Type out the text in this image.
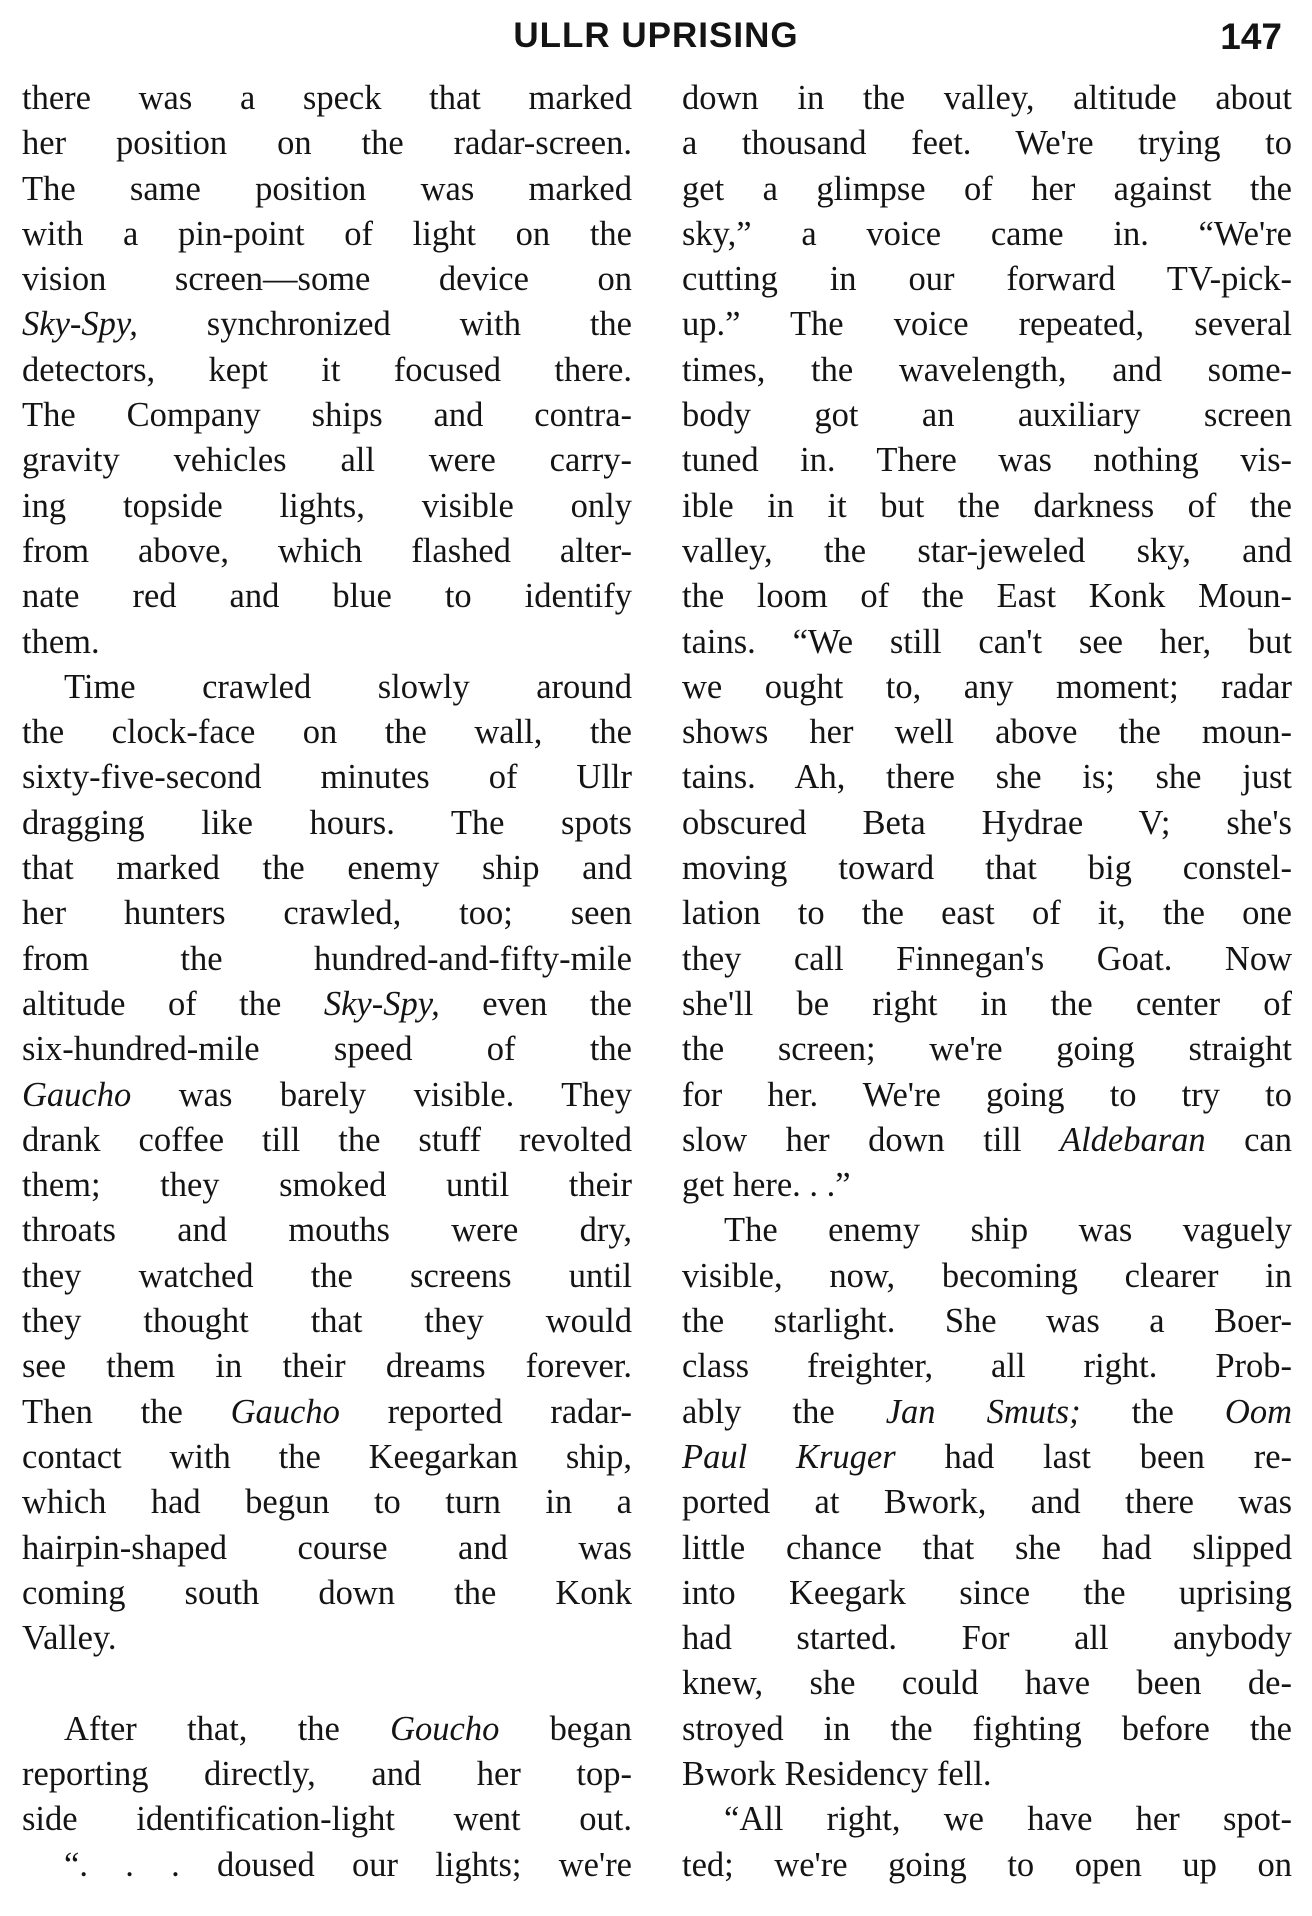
ULLR UPRISING	147
there was a speck that marked
her position on the radar-screen.
The same position was marked
with a pin-point of light on the
vision screen—some device on
Sky-Spy, synchronized with the
detectors, kept it focused there.
The Company ships and contra-
gravity vehicles all were carry-
ing topside lights, visible only
from above, which flashed alter-
nate red and blue to identify
them.
Time crawled slowly around
the clock-face on the wall, the
sixty-five-second minutes of Ullr
dragging like hours. The spots
that marked the enemy ship and
her hunters crawled, too; seen
from the hundred-and-fifty-mile
altitude of the Sky-Spy, even the
six-hundred-mile speed of the
Gaucho was barely visible. They
drank coffee till the stuff revolted
them; they smoked until their
throats and mouths were dry,
they watched the screens until
they thought that they would
see them in their dreams forever.
Then the Gaucho reported radar-
contact with the Keegarkan ship,
which had begun to turn in a
hairpin-shaped course and was
coming south down the Konk
Valley.
After that, the Goucho began
reporting directly, and her top-
side identification-light went out.
“. . . doused our lights; we're
down in the valley, altitude about
a thousand feet. We're trying to
get a glimpse of her against the
sky,” a voice came in. “We're
cutting in our forward TV-pick-
up.” The voice repeated, several
times, the wavelength, and some-
body got an auxiliary screen
tuned in. There was nothing vis-
ible in it but the darkness of the
valley, the star-jeweled sky, and
the loom of the East Konk Moun-
tains. “We still can't see her, but
we ought to, any moment; radar
shows her well above the moun-
tains. Ah, there she is; she just
obscured Beta Hydrae V; she's
moving toward that big constel-
lation to the east of it, the one
they call Finnegan's Goat. Now
she'll be right in the center of
the screen; we're going straight
for her. We're going to try to
slow her down till Aldebaran can
get here. . .”
The enemy ship was vaguely
visible, now, becoming clearer in
the starlight. She was a Boer-
class freighter, all right. Prob-
ably the Jan Smuts; the Oom
Paul Kruger had last been re-
ported at Bwork, and there was
little chance that she had slipped
into Keegark since the uprising
had started. For all anybody
knew, she could have been de-
stroyed in the fighting before the
Bwork Residency fell.
“All right, we have her spot-
ted; we're going to open up on
